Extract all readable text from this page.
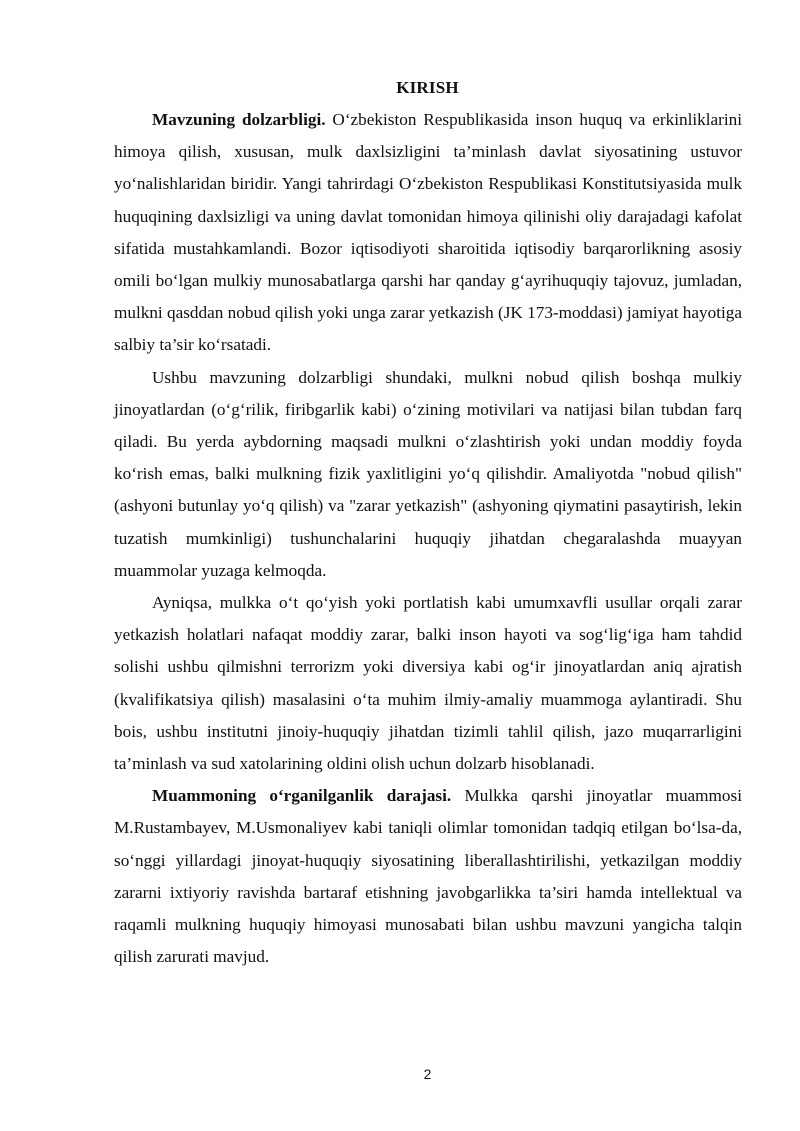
KIRISH

Mavzuning dolzarbligi. O‘zbekiston Respublikasida inson huquq va erkinliklarini himoya qilish, xususan, mulk daxlsizligini ta’minlash davlat siyosatining ustuvor yo‘nalishlaridan biridir. Yangi tahrirdagi O‘zbekiston Respublikasi Konstitutsiyasida mulk huquqining daxlsizligi va uning davlat tomonidan himoya qilinishi oliy darajadagi kafolat sifatida mustahkamlandi. Bozor iqtisodiyoti sharoitida iqtisodiy barqarorlikning asosiy omili bo‘lgan mulkiy munosabatlarga qarshi har qanday g‘ayrihuquqiy tajovuz, jumladan, mulkni qasddan nobud qilish yoki unga zarar yetkazish (JK 173-moddasi) jamiyat hayotiga salbiy ta’sir ko‘rsatadi.

Ushbu mavzuning dolzarbligi shundaki, mulkni nobud qilish boshqa mulkiy jinoyatlardan (o‘g‘rilik, firibgarlik kabi) o‘zining motivilari va natijasi bilan tubdan farq qiladi. Bu yerda aybdorning maqsadi mulkni o‘zlashtirish yoki undan moddiy foyda ko‘rish emas, balki mulkning fizik yaxlitligini yo‘q qilishdir. Amaliyotda "nobud qilish" (ashyoni butunlay yo‘q qilish) va "zarar yetkazish" (ashyoning qiymatini pasaytirish, lekin tuzatish mumkinligi) tushunchalarini huquqiy jihatdan chegaralashda muayyan muammolar yuzaga kelmoqda.

Ayniqsa, mulkka o‘t qo‘yish yoki portlatish kabi umumxavfli usullar orqali zarar yetkazish holatlari nafaqat moddiy zarar, balki inson hayoti va sog‘lig‘iga ham tahdid solishi ushbu qilmishni terrorizm yoki diversiya kabi og‘ir jinoyatlardan aniq ajratish (kvalifikatsiya qilish) masalasini o‘ta muhim ilmiy-amaliy muammoga aylantiradi. Shu bois, ushbu institutni jinoiy-huquqiy jihatdan tizimli tahlil qilish, jazo muqarrarligini ta’minlash va sud xatolarining oldini olish uchun dolzarb hisoblanadi.

Muammoning o‘rganilganlik darajasi. Mulkka qarshi jinoyatlar muammosi M.Rustambayev, M.Usmonaliyev kabi taniqli olimlar tomonidan tadqiq etilgan bo‘lsa-da, so‘nggi yillardagi jinoyat-huquqiy siyosatining liberallashtirilishi, yetkazilgan moddiy zararni ixtiyoriy ravishda bartaraf etishning javobgarlikka ta’siri hamda intellektual va raqamli mulkning huquqiy himoyasi munosabati bilan ushbu mavzuni yangicha talqin qilish zarurati mavjud.

2
